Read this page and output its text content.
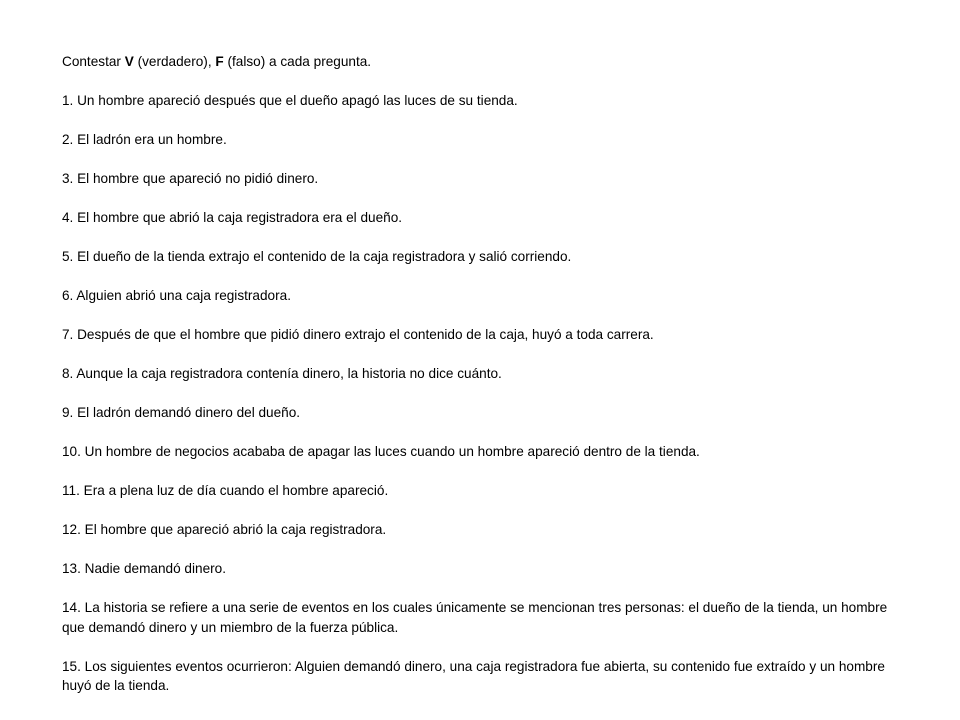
Contestar V (verdadero), F (falso) a cada pregunta.

1. Un hombre apareció después que el dueño apagó las luces de su tienda.

2. El ladrón era un hombre.

3. El hombre que apareció no pidió dinero.

4. El hombre que abrió la caja registradora era el dueño.

5. El dueño de la tienda extrajo el contenido de la caja registradora y salió corriendo.

6. Alguien abrió una caja registradora.

7. Después de que el hombre que pidió dinero extrajo el contenido de la caja, huyó a toda carrera.

8. Aunque la caja registradora contenía dinero, la historia no dice cuánto.

9. El ladrón demandó dinero del dueño.

10. Un hombre de negocios acababa de apagar las luces cuando un hombre apareció dentro de la tienda.

11. Era a plena luz de día cuando el hombre apareció.

12. El hombre que apareció abrió la caja registradora.

13. Nadie demandó dinero.

14. La historia se refiere a una serie de eventos en los cuales únicamente se mencionan tres personas: el dueño de la tienda, un hombre que demandó dinero y un miembro de la fuerza pública.

15. Los siguientes eventos ocurrieron: Alguien demandó dinero, una caja registradora fue abierta, su contenido fue extraído y un hombre huyó de la tienda.
